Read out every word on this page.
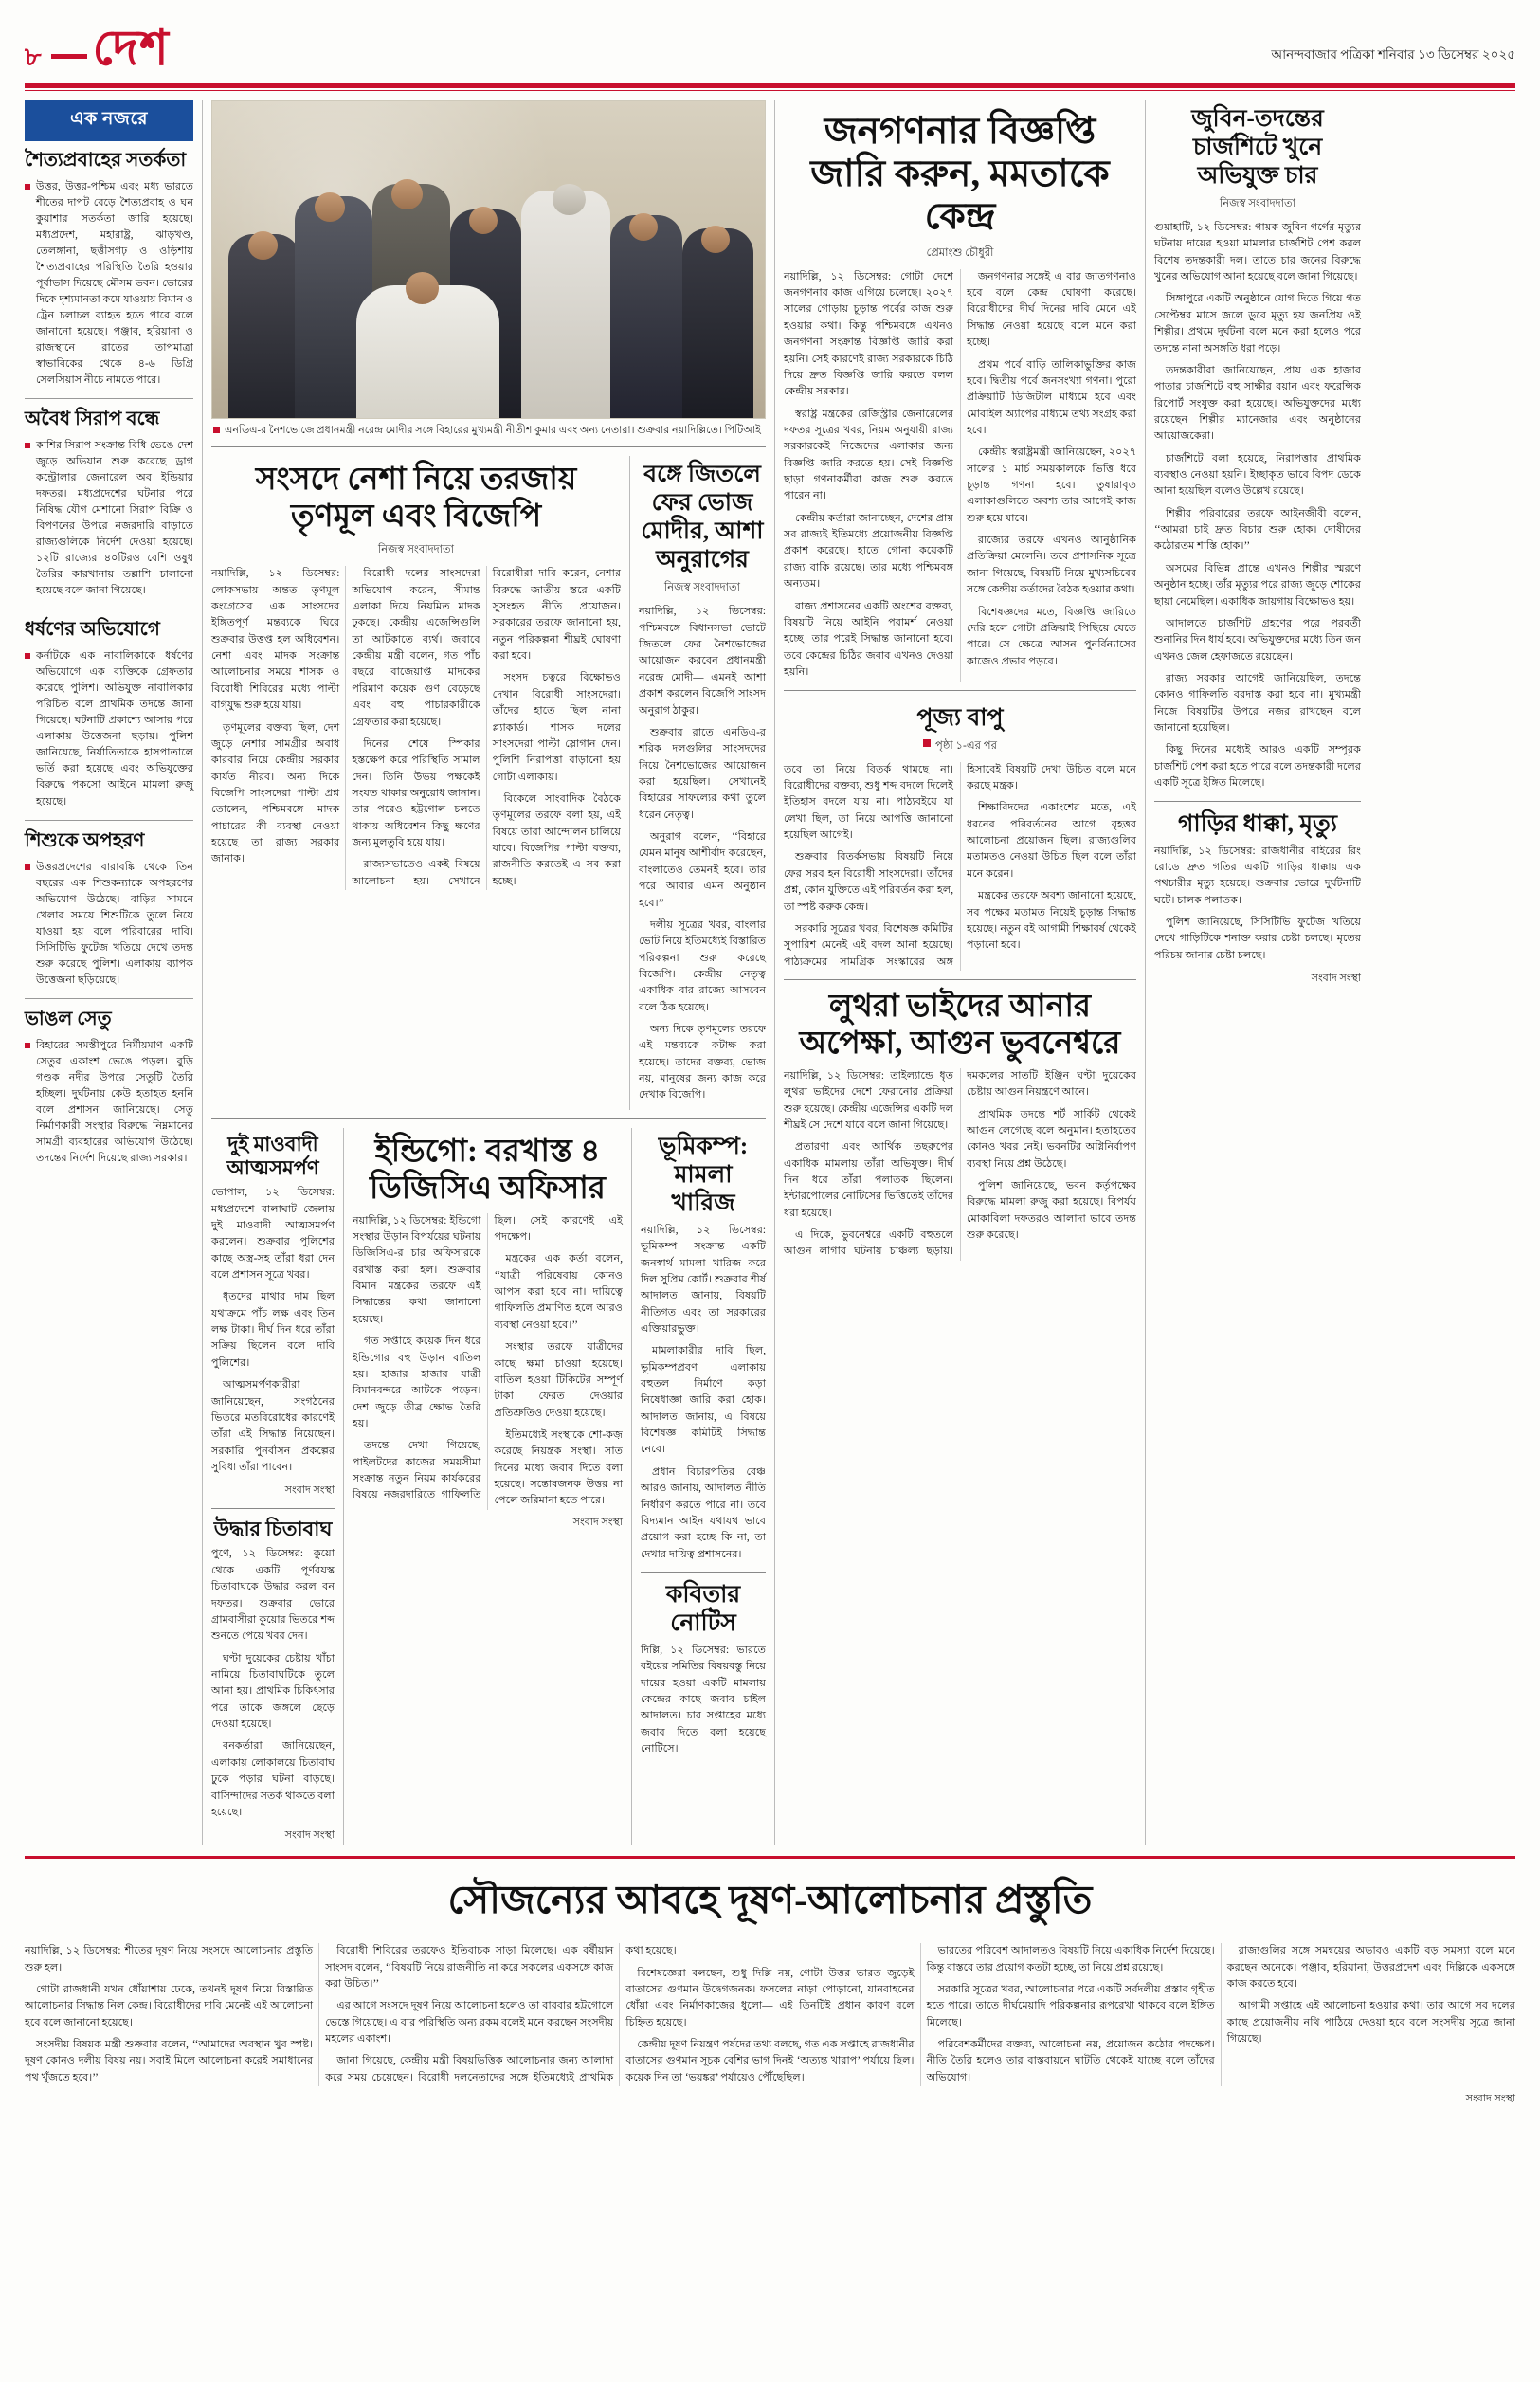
৮ দেশ	আনন্দবাজার পত্রিকা শনিবার ১৩ ডিসেম্বর ২০২৫
এক নজরে
শৈত্যপ্রবাহের সতর্কতা

উত্তর, উত্তর-পশ্চিম এবং মধ্য ভারতে শীতের দাপট বেড়ে শৈত্যপ্রবাহ ও ঘন কুয়াশার সতর্কতা জারি হয়েছে। মধ্যপ্রদেশ, মহারাষ্ট্র, ঝাড়খণ্ড, তেলঙ্গানা, ছত্তীসগঢ় ও ওড়িশায় শৈত্যপ্রবাহের পরিস্থিতি তৈরি হওয়ার পূর্বাভাস দিয়েছে মৌসম ভবন। ভোরের দিকে দৃশ্যমানতা কমে যাওয়ায় বিমান ও ট্রেন চলাচল ব্যাহত হতে পারে বলে জানানো হয়েছে। পঞ্জাব, হরিয়ানা ও রাজস্থানে রাতের তাপমাত্রা স্বাভাবিকের থেকে ৪-৬ ডিগ্রি সেলসিয়াস নীচে নামতে পারে।

অবৈধ সিরাপ বন্ধে

কাশির সিরাপ সংক্রান্ত বিধি ভেঙে দেশ জুড়ে অভিযান শুরু করেছে ড্রাগ কন্ট্রোলার জেনারেল অব ইন্ডিয়ার দফতর। মধ্যপ্রদেশের ঘটনার পরে নিষিদ্ধ যৌগ মেশানো সিরাপ বিক্রি ও বিপণনের উপরে নজরদারি বাড়াতে রাজ্যগুলিকে নির্দেশ দেওয়া হয়েছে। ১২টি রাজ্যের ৪০টিরও বেশি ওষুধ তৈরির কারখানায় তল্লাশি চালানো হয়েছে বলে জানা গিয়েছে।

ধর্ষণের অভিযোগে

কর্নাটকে এক নাবালিকাকে ধর্ষণের অভিযোগে এক ব্যক্তিকে গ্রেফতার করেছে পুলিশ। অভিযুক্ত নাবালিকার পরিচিত বলে প্রাথমিক তদন্তে জানা গিয়েছে। ঘটনাটি প্রকাশ্যে আসার পরে এলাকায় উত্তেজনা ছড়ায়। পুলিশ জানিয়েছে, নির্যাতিতাকে হাসপাতালে ভর্তি করা হয়েছে এবং অভিযুক্তের বিরুদ্ধে পকসো আইনে মামলা রুজু হয়েছে।

শিশুকে অপহরণ

উত্তরপ্রদেশের বারাবঙ্কি থেকে তিন বছরের এক শিশুকন্যাকে অপহরণের অভিযোগ উঠেছে। বাড়ির সামনে খেলার সময়ে শিশুটিকে তুলে নিয়ে যাওয়া হয় বলে পরিবারের দাবি। সিসিটিভি ফুটেজ খতিয়ে দেখে তদন্ত শুরু করেছে পুলিশ। এলাকায় ব্যাপক উত্তেজনা ছড়িয়েছে।

ভাঙল সেতু

বিহারের সমস্তীপুরে নির্মীয়মাণ একটি সেতুর একাংশ ভেঙে পড়ল। বুড়ি গণ্ডক নদীর উপরে সেতুটি তৈরি হচ্ছিল। দুর্ঘটনায় কেউ হতাহত হননি বলে প্রশাসন জানিয়েছে। সেতু নির্মাণকারী সংস্থার বিরুদ্ধে নিম্নমানের সামগ্রী ব্যবহারের অভিযোগ উঠেছে। তদন্তের নির্দেশ দিয়েছে রাজ্য সরকার।

এনডিএ-র নৈশভোজে প্রধানমন্ত্রী নরেন্দ্র মোদীর সঙ্গে বিহারের মুখ্যমন্ত্রী নীতীশ কুমার এবং অন্য নেতারা। শুক্রবার নয়াদিল্লিতে। পিটিআই
সংসদে নেশা নিয়ে তরজায় তৃণমূল এবং বিজেপি
নিজস্ব সংবাদদাতা

নয়াদিল্লি, ১২ ডিসেম্বর: লোকসভায় অন্তত তৃণমূল কংগ্রেসের এক সাংসদের ইঙ্গিতপূর্ণ মন্তব্যকে ঘিরে শুক্রবার উত্তপ্ত হল অধিবেশন। নেশা এবং মাদক সংক্রান্ত আলোচনার সময়ে শাসক ও বিরোধী শিবিরের মধ্যে পাল্টা বাগ্‌যুদ্ধ শুরু হয়ে যায়।

তৃণমূলের বক্তব্য ছিল, দেশ জুড়ে নেশার সামগ্রীর অবাধ কারবার নিয়ে কেন্দ্রীয় সরকার কার্যত নীরব। অন্য দিকে বিজেপি সাংসদেরা পাল্টা প্রশ্ন তোলেন, পশ্চিমবঙ্গে মাদক পাচারের কী ব্যবস্থা নেওয়া হয়েছে তা রাজ্য সরকার জানাক।

বিরোধী দলের সাংসদেরা অভিযোগ করেন, সীমান্ত এলাকা দিয়ে নিয়মিত মাদক ঢুকছে। কেন্দ্রীয় এজেন্সিগুলি তা আটকাতে ব্যর্থ। জবাবে কেন্দ্রীয় মন্ত্রী বলেন, গত পাঁচ বছরে বাজেয়াপ্ত মাদকের পরিমাণ কয়েক গুণ বেড়েছে এবং বহু পাচারকারীকে গ্রেফতার করা হয়েছে।

দিনের শেষে স্পিকার হস্তক্ষেপ করে পরিস্থিতি সামাল দেন। তিনি উভয় পক্ষকেই সংযত থাকার অনুরোধ জানান। তার পরেও হট্টগোল চলতে থাকায় অধিবেশন কিছু ক্ষণের জন্য মুলতুবি হয়ে যায়।

রাজ্যসভাতেও একই বিষয়ে আলোচনা হয়। সেখানে বিরোধীরা দাবি করেন, নেশার বিরুদ্ধে জাতীয় স্তরে একটি সুসংহত নীতি প্রয়োজন। সরকারের তরফে জানানো হয়, নতুন পরিকল্পনা শীঘ্রই ঘোষণা করা হবে।

সংসদ চত্বরে বিক্ষোভও দেখান বিরোধী সাংসদেরা। তাঁদের হাতে ছিল নানা প্ল্যাকার্ড। শাসক দলের সাংসদেরা পাল্টা স্লোগান দেন। পুলিশি নিরাপত্তা বাড়ানো হয় গোটা এলাকায়।

বিকেলে সাংবাদিক বৈঠকে তৃণমূলের তরফে বলা হয়, এই বিষয়ে তারা আন্দোলন চালিয়ে যাবে। বিজেপির পাল্টা বক্তব্য, রাজনীতি করতেই এ সব করা হচ্ছে।

বঙ্গে জিতলে ফের ভোজ মোদীর, আশা অনুরাগের
নিজস্ব সংবাদদাতা

নয়াদিল্লি, ১২ ডিসেম্বর: পশ্চিমবঙ্গে বিধানসভা ভোটে জিতলে ফের নৈশভোজের আয়োজন করবেন প্রধানমন্ত্রী নরেন্দ্র মোদী— এমনই আশা প্রকাশ করলেন বিজেপি সাংসদ অনুরাগ ঠাকুর।

শুক্রবার রাতে এনডিএ-র শরিক দলগুলির সাংসদদের নিয়ে নৈশভোজের আয়োজন করা হয়েছিল। সেখানেই বিহারের সাফল্যের কথা তুলে ধরেন নেতৃত্ব।

অনুরাগ বলেন, ‘‘বিহারে যেমন মানুষ আশীর্বাদ করেছেন, বাংলাতেও তেমনই হবে। তার পরে আবার এমন অনুষ্ঠান হবে।’’

দলীয় সূত্রের খবর, বাংলার ভোট নিয়ে ইতিমধ্যেই বিস্তারিত পরিকল্পনা শুরু করেছে বিজেপি। কেন্দ্রীয় নেতৃত্ব একাধিক বার রাজ্যে আসবেন বলে ঠিক হয়েছে।

অন্য দিকে তৃণমূলের তরফে এই মন্তব্যকে কটাক্ষ করা হয়েছে। তাদের বক্তব্য, ভোজ নয়, মানুষের জন্য কাজ করে দেখাক বিজেপি।

দুই মাওবাদী আত্মসমর্পণ

ভোপাল, ১২ ডিসেম্বর: মধ্যপ্রদেশে বালাঘাট জেলায় দুই মাওবাদী আত্মসমর্পণ করলেন। শুক্রবার পুলিশের কাছে অস্ত্র-সহ তাঁরা ধরা দেন বলে প্রশাসন সূত্রে খবর।

ধৃতদের মাথার দাম ছিল যথাক্রমে পাঁচ লক্ষ এবং তিন লক্ষ টাকা। দীর্ঘ দিন ধরে তাঁরা সক্রিয় ছিলেন বলে দাবি পুলিশের।

আত্মসমর্পণকারীরা জানিয়েছেন, সংগঠনের ভিতরে মতবিরোধের কারণেই তাঁরা এই সিদ্ধান্ত নিয়েছেন। সরকারি পুনর্বাসন প্রকল্পের সুবিধা তাঁরা পাবেন।

সংবাদ সংস্থা
উদ্ধার চিতাবাঘ

পুণে, ১২ ডিসেম্বর: কুয়ো থেকে একটি পূর্ণবয়স্ক চিতাবাঘকে উদ্ধার করল বন দফতর। শুক্রবার ভোরে গ্রামবাসীরা কুয়োর ভিতরে শব্দ শুনতে পেয়ে খবর দেন।

ঘণ্টা দুয়েকের চেষ্টায় খাঁচা নামিয়ে চিতাবাঘটিকে তুলে আনা হয়। প্রাথমিক চিকিৎসার পরে তাকে জঙ্গলে ছেড়ে দেওয়া হয়েছে।

বনকর্তারা জানিয়েছেন, এলাকায় লোকালয়ে চিতাবাঘ ঢুকে পড়ার ঘটনা বাড়ছে। বাসিন্দাদের সতর্ক থাকতে বলা হয়েছে।

সংবাদ সংস্থা
ইন্ডিগো: বরখাস্ত ৪ ডিজিসিএ অফিসার

নয়াদিল্লি, ১২ ডিসেম্বর: ইন্ডিগো সংস্থার উড়ান বিপর্যয়ের ঘটনায় ডিজিসিএ-র চার অফিসারকে বরখাস্ত করা হল। শুক্রবার বিমান মন্ত্রকের তরফে এই সিদ্ধান্তের কথা জানানো হয়েছে।

গত সপ্তাহে কয়েক দিন ধরে ইন্ডিগোর বহু উড়ান বাতিল হয়। হাজার হাজার যাত্রী বিমানবন্দরে আটকে পড়েন। দেশ জুড়ে তীব্র ক্ষোভ তৈরি হয়।

তদন্তে দেখা গিয়েছে, পাইলটদের কাজের সময়সীমা সংক্রান্ত নতুন নিয়ম কার্যকরের বিষয়ে নজরদারিতে গাফিলতি ছিল। সেই কারণেই এই পদক্ষেপ।

মন্ত্রকের এক কর্তা বলেন, ‘‘যাত্রী পরিষেবায় কোনও আপস করা হবে না। দায়িত্বে গাফিলতি প্রমাণিত হলে আরও ব্যবস্থা নেওয়া হবে।’’

সংস্থার তরফে যাত্রীদের কাছে ক্ষমা চাওয়া হয়েছে। বাতিল হওয়া টিকিটের সম্পূর্ণ টাকা ফেরত দেওয়ার প্রতিশ্রুতিও দেওয়া হয়েছে।

ইতিমধ্যেই সংস্থাকে শো-কজ় করেছে নিয়ন্ত্রক সংস্থা। সাত দিনের মধ্যে জবাব দিতে বলা হয়েছে। সন্তোষজনক উত্তর না পেলে জরিমানা হতে পারে।

সংবাদ সংস্থা
ভূমিকম্প: মামলা খারিজ

নয়াদিল্লি, ১২ ডিসেম্বর: ভূমিকম্প সংক্রান্ত একটি জনস্বার্থ মামলা খারিজ করে দিল সুপ্রিম কোর্ট। শুক্রবার শীর্ষ আদালত জানায়, বিষয়টি নীতিগত এবং তা সরকারের এক্তিয়ারভুক্ত।

মামলাকারীর দাবি ছিল, ভূমিকম্পপ্রবণ এলাকায় বহুতল নির্মাণে কড়া নিষেধাজ্ঞা জারি করা হোক। আদালত জানায়, এ বিষয়ে বিশেষজ্ঞ কমিটিই সিদ্ধান্ত নেবে।

প্রধান বিচারপতির বেঞ্চ আরও জানায়, আদালত নীতি নির্ধারণ করতে পারে না। তবে বিদ্যমান আইন যথাযথ ভাবে প্রয়োগ করা হচ্ছে কি না, তা দেখার দায়িত্ব প্রশাসনের।

কবিতার নোটিস

দিল্লি, ১২ ডিসেম্বর: ভারতে বইয়ের সমিতির বিষয়বস্তু নিয়ে দায়ের হওয়া একটি মামলায় কেন্দ্রের কাছে জবাব চাইল আদালত। চার সপ্তাহের মধ্যে জবাব দিতে বলা হয়েছে নোটিসে।

জনগণনার বিজ্ঞপ্তি জারি করুন, মমতাকে কেন্দ্র
প্রেমাংশু চৌধুরী

নয়াদিল্লি, ১২ ডিসেম্বর: গোটা দেশে জনগণনার কাজ এগিয়ে চলেছে। ২০২৭ সালের গোড়ায় চূড়ান্ত পর্বের কাজ শুরু হওয়ার কথা। কিন্তু পশ্চিমবঙ্গে এখনও জনগণনা সংক্রান্ত বিজ্ঞপ্তি জারি করা হয়নি। সেই কারণেই রাজ্য সরকারকে চিঠি দিয়ে দ্রুত বিজ্ঞপ্তি জারি করতে বলল কেন্দ্রীয় সরকার।

স্বরাষ্ট্র মন্ত্রকের রেজিস্ট্রার জেনারেলের দফতর সূত্রের খবর, নিয়ম অনুযায়ী রাজ্য সরকারকেই নিজেদের এলাকার জন্য বিজ্ঞপ্তি জারি করতে হয়। সেই বিজ্ঞপ্তি ছাড়া গণনাকর্মীরা কাজ শুরু করতে পারেন না।

কেন্দ্রীয় কর্তারা জানাচ্ছেন, দেশের প্রায় সব রাজ্যই ইতিমধ্যে প্রয়োজনীয় বিজ্ঞপ্তি প্রকাশ করেছে। হাতে গোনা কয়েকটি রাজ্য বাকি রয়েছে। তার মধ্যে পশ্চিমবঙ্গ অন্যতম।

রাজ্য প্রশাসনের একটি অংশের বক্তব্য, বিষয়টি নিয়ে আইনি পরামর্শ নেওয়া হচ্ছে। তার পরেই সিদ্ধান্ত জানানো হবে। তবে কেন্দ্রের চিঠির জবাব এখনও দেওয়া হয়নি।

জনগণনার সঙ্গেই এ বার জাতগণনাও হবে বলে কেন্দ্র ঘোষণা করেছে। বিরোধীদের দীর্ঘ দিনের দাবি মেনে এই সিদ্ধান্ত নেওয়া হয়েছে বলে মনে করা হচ্ছে।

প্রথম পর্বে বাড়ি তালিকাভুক্তির কাজ হবে। দ্বিতীয় পর্বে জনসংখ্যা গণনা। পুরো প্রক্রিয়াটি ডিজিটাল মাধ্যমে হবে এবং মোবাইল অ্যাপের মাধ্যমে তথ্য সংগ্রহ করা হবে।

কেন্দ্রীয় স্বরাষ্ট্রমন্ত্রী জানিয়েছেন, ২০২৭ সালের ১ মার্চ সময়কালকে ভিত্তি ধরে চূড়ান্ত গণনা হবে। তুষারাবৃত এলাকাগুলিতে অবশ্য তার আগেই কাজ শুরু হয়ে যাবে।

রাজ্যের তরফে এখনও আনুষ্ঠানিক প্রতিক্রিয়া মেলেনি। তবে প্রশাসনিক সূত্রে জানা গিয়েছে, বিষয়টি নিয়ে মুখ্যসচিবের সঙ্গে কেন্দ্রীয় কর্তাদের বৈঠক হওয়ার কথা।

বিশেষজ্ঞদের মতে, বিজ্ঞপ্তি জারিতে দেরি হলে গোটা প্রক্রিয়াই পিছিয়ে যেতে পারে। সে ক্ষেত্রে আসন পুনর্বিন্যাসের কাজেও প্রভাব পড়বে।

পূজ্য বাপু
পৃষ্ঠা ১-এর পর

তবে তা নিয়ে বিতর্ক থামছে না। বিরোধীদের বক্তব্য, শুধু শব্দ বদলে দিলেই ইতিহাস বদলে যায় না। পাঠ্যবইয়ে যা লেখা ছিল, তা নিয়ে আপত্তি জানানো হয়েছিল আগেই।

শুক্রবার বিতর্কসভায় বিষয়টি নিয়ে ফের সরব হন বিরোধী সাংসদেরা। তাঁদের প্রশ্ন, কোন যুক্তিতে এই পরিবর্তন করা হল, তা স্পষ্ট করুক কেন্দ্র।

সরকারি সূত্রের খবর, বিশেষজ্ঞ কমিটির সুপারিশ মেনেই এই বদল আনা হয়েছে। পাঠ্যক্রমের সামগ্রিক সংস্কারের অঙ্গ হিসাবেই বিষয়টি দেখা উচিত বলে মনে করছে মন্ত্রক।

শিক্ষাবিদদের একাংশের মতে, এই ধরনের পরিবর্তনের আগে বৃহত্তর আলোচনা প্রয়োজন ছিল। রাজ্যগুলির মতামতও নেওয়া উচিত ছিল বলে তাঁরা মনে করেন।

মন্ত্রকের তরফে অবশ্য জানানো হয়েছে, সব পক্ষের মতামত নিয়েই চূড়ান্ত সিদ্ধান্ত হয়েছে। নতুন বই আগামী শিক্ষাবর্ষ থেকেই পড়ানো হবে।

লুথরা ভাইদের আনার অপেক্ষা, আগুন ভুবনেশ্বরে

নয়াদিল্লি, ১২ ডিসেম্বর: তাইল্যান্ডে ধৃত লুথরা ভাইদের দেশে ফেরানোর প্রক্রিয়া শুরু হয়েছে। কেন্দ্রীয় এজেন্সির একটি দল শীঘ্রই সে দেশে যাবে বলে জানা গিয়েছে।

প্রতারণা এবং আর্থিক তছরুপের একাধিক মামলায় তাঁরা অভিযুক্ত। দীর্ঘ দিন ধরে তাঁরা পলাতক ছিলেন। ইন্টারপোলের নোটিসের ভিত্তিতেই তাঁদের ধরা হয়েছে।

এ দিকে, ভুবনেশ্বরে একটি বহুতলে আগুন লাগার ঘটনায় চাঞ্চল্য ছড়ায়। দমকলের সাতটি ইঞ্জিন ঘণ্টা দুয়েকের চেষ্টায় আগুন নিয়ন্ত্রণে আনে।

প্রাথমিক তদন্তে শর্ট সার্কিট থেকেই আগুন লেগেছে বলে অনুমান। হতাহতের কোনও খবর নেই। ভবনটির অগ্নিনির্বাপণ ব্যবস্থা নিয়ে প্রশ্ন উঠেছে।

পুলিশ জানিয়েছে, ভবন কর্তৃপক্ষের বিরুদ্ধে মামলা রুজু করা হয়েছে। বিপর্যয় মোকাবিলা দফতরও আলাদা ভাবে তদন্ত শুরু করেছে।

জুবিন-তদন্তের চার্জশিটে খুনে অভিযুক্ত চার
নিজস্ব সংবাদদাতা

গুয়াহাটি, ১২ ডিসেম্বর: গায়ক জুবিন গর্গের মৃত্যুর ঘটনায় দায়ের হওয়া মামলার চার্জশিট পেশ করল বিশেষ তদন্তকারী দল। তাতে চার জনের বিরুদ্ধে খুনের অভিযোগ আনা হয়েছে বলে জানা গিয়েছে।

সিঙ্গাপুরে একটি অনুষ্ঠানে যোগ দিতে গিয়ে গত সেপ্টেম্বর মাসে জলে ডুবে মৃত্যু হয় জনপ্রিয় ওই শিল্পীর। প্রথমে দুর্ঘটনা বলে মনে করা হলেও পরে তদন্তে নানা অসঙ্গতি ধরা পড়ে।

তদন্তকারীরা জানিয়েছেন, প্রায় এক হাজার পাতার চার্জশিটে বহু সাক্ষীর বয়ান এবং ফরেন্সিক রিপোর্ট সংযুক্ত করা হয়েছে। অভিযুক্তদের মধ্যে রয়েছেন শিল্পীর ম্যানেজার এবং অনুষ্ঠানের আয়োজকেরা।

চার্জশিটে বলা হয়েছে, নিরাপত্তার প্রাথমিক ব্যবস্থাও নেওয়া হয়নি। ইচ্ছাকৃত ভাবে বিপদ ডেকে আনা হয়েছিল বলেও উল্লেখ রয়েছে।

শিল্পীর পরিবারের তরফে আইনজীবী বলেন, ‘‘আমরা চাই দ্রুত বিচার শুরু হোক। দোষীদের কঠোরতম শাস্তি হোক।’’

অসমের বিভিন্ন প্রান্তে এখনও শিল্পীর স্মরণে অনুষ্ঠান হচ্ছে। তাঁর মৃত্যুর পরে রাজ্য জুড়ে শোকের ছায়া নেমেছিল। একাধিক জায়গায় বিক্ষোভও হয়।

আদালতে চার্জশিট গ্রহণের পরে পরবর্তী শুনানির দিন ধার্য হবে। অভিযুক্তদের মধ্যে তিন জন এখনও জেল হেফাজতে রয়েছেন।

রাজ্য সরকার আগেই জানিয়েছিল, তদন্তে কোনও গাফিলতি বরদাস্ত করা হবে না। মুখ্যমন্ত্রী নিজে বিষয়টির উপরে নজর রাখছেন বলে জানানো হয়েছিল।

কিছু দিনের মধ্যেই আরও একটি সম্পূরক চার্জশিট পেশ করা হতে পারে বলে তদন্তকারী দলের একটি সূত্রে ইঙ্গিত মিলেছে।

গাড়ির ধাক্কা, মৃত্যু

নয়াদিল্লি, ১২ ডিসেম্বর: রাজধানীর বাইরের রিং রোডে দ্রুত গতির একটি গাড়ির ধাক্কায় এক পথচারীর মৃত্যু হয়েছে। শুক্রবার ভোরে দুর্ঘটনাটি ঘটে। চালক পলাতক।

পুলিশ জানিয়েছে, সিসিটিভি ফুটেজ খতিয়ে দেখে গাড়িটিকে শনাক্ত করার চেষ্টা চলছে। মৃতের পরিচয় জানার চেষ্টা চলছে।

সংবাদ সংস্থা
সৌজন্যের আবহে দূষণ-আলোচনার প্রস্তুতি

নয়াদিল্লি, ১২ ডিসেম্বর: শীতের দূষণ নিয়ে সংসদে আলোচনার প্রস্তুতি শুরু হল।

গোটা রাজধানী যখন ধোঁয়াশায় ঢেকে, তখনই দূষণ নিয়ে বিস্তারিত আলোচনার সিদ্ধান্ত নিল কেন্দ্র। বিরোধীদের দাবি মেনেই এই আলোচনা হবে বলে জানানো হয়েছে।

সংসদীয় বিষয়ক মন্ত্রী শুক্রবার বলেন, ‘‘আমাদের অবস্থান খুব স্পষ্ট। দূষণ কোনও দলীয় বিষয় নয়। সবাই মিলে আলোচনা করেই সমাধানের পথ খুঁজতে হবে।’’

বিরোধী শিবিরের তরফেও ইতিবাচক সাড়া মিলেছে। এক বর্ষীয়ান সাংসদ বলেন, ‘‘বিষয়টি নিয়ে রাজনীতি না করে সকলের একসঙ্গে কাজ করা উচিত।’’

এর আগে সংসদে দূষণ নিয়ে আলোচনা হলেও তা বারবার হট্টগোলে ভেস্তে গিয়েছে। এ বার পরিস্থিতি অন্য রকম বলেই মনে করছেন সংসদীয় মহলের একাংশ।

জানা গিয়েছে, কেন্দ্রীয় মন্ত্রী বিষয়ভিত্তিক আলোচনার জন্য আলাদা করে সময় চেয়েছেন। বিরোধী দলনেতাদের সঙ্গে ইতিমধ্যেই প্রাথমিক কথা হয়েছে।

বিশেষজ্ঞেরা বলছেন, শুধু দিল্লি নয়, গোটা উত্তর ভারত জুড়েই বাতাসের গুণমান উদ্বেগজনক। ফসলের নাড়া পোড়ানো, যানবাহনের ধোঁয়া এবং নির্মাণকাজের ধুলো— এই তিনটিই প্রধান কারণ বলে চিহ্নিত হয়েছে।

কেন্দ্রীয় দূষণ নিয়ন্ত্রণ পর্ষদের তথ্য বলছে, গত এক সপ্তাহে রাজধানীর বাতাসের গুণমান সূচক বেশির ভাগ দিনই ‘অত্যন্ত খারাপ’ পর্যায়ে ছিল। কয়েক দিন তা ‘ভয়ঙ্কর’ পর্যায়েও পৌঁছেছিল।

ভারতের পরিবেশ আদালতও বিষয়টি নিয়ে একাধিক নির্দেশ দিয়েছে। কিন্তু বাস্তবে তার প্রয়োগ কতটা হচ্ছে, তা নিয়ে প্রশ্ন রয়েছে।

সরকারি সূত্রের খবর, আলোচনার পরে একটি সর্বদলীয় প্রস্তাব গৃহীত হতে পারে। তাতে দীর্ঘমেয়াদি পরিকল্পনার রূপরেখা থাকবে বলে ইঙ্গিত মিলেছে।

পরিবেশকর্মীদের বক্তব্য, আলোচনা নয়, প্রয়োজন কঠোর পদক্ষেপ। নীতি তৈরি হলেও তার বাস্তবায়নে ঘাটতি থেকেই যাচ্ছে বলে তাঁদের অভিযোগ।

রাজ্যগুলির সঙ্গে সমন্বয়ের অভাবও একটি বড় সমস্যা বলে মনে করছেন অনেকে। পঞ্জাব, হরিয়ানা, উত্তরপ্রদেশ এবং দিল্লিকে একসঙ্গে কাজ করতে হবে।

আগামী সপ্তাহে এই আলোচনা হওয়ার কথা। তার আগে সব দলের কাছে প্রয়োজনীয় নথি পাঠিয়ে দেওয়া হবে বলে সংসদীয় সূত্রে জানা গিয়েছে।

সংবাদ সংস্থা
